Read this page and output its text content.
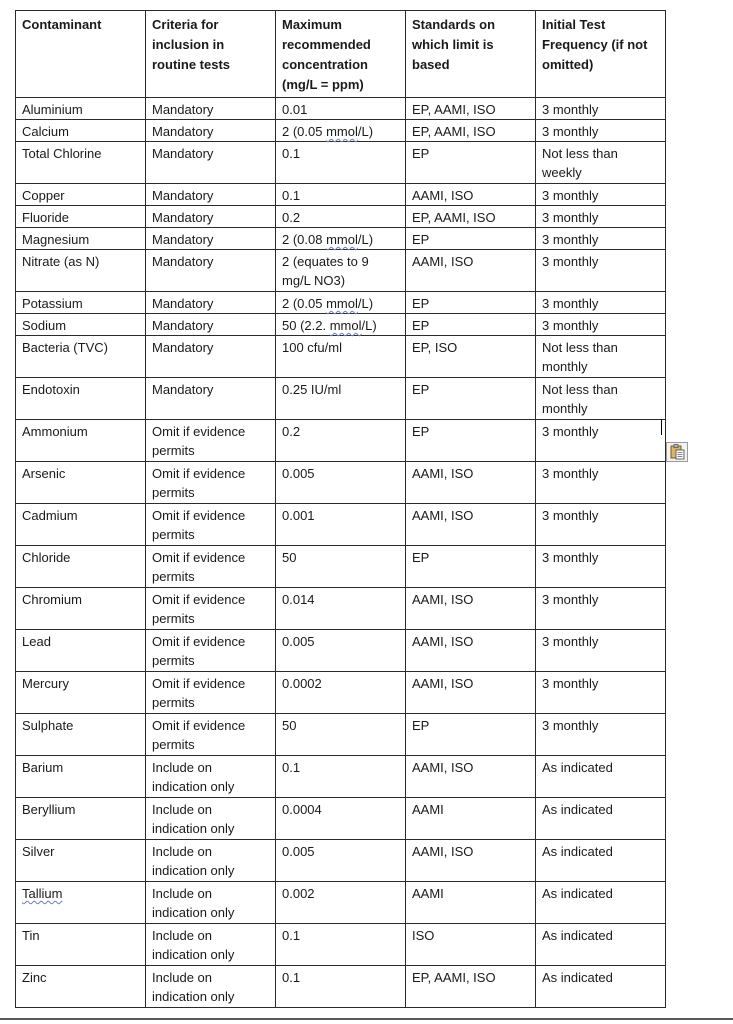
Contaminant	Criteria for inclusion in routine tests	Maximum recommended concentration (mg/L = ppm)	Standards on which limit is based	Initial Test Frequency (if not omitted)
Aluminium	Mandatory	0.01	EP, AAMI, ISO	3 monthly
Calcium	Mandatory	2 (0.05 mmol/L)	EP, AAMI, ISO	3 monthly
Total Chlorine	Mandatory	0.1	EP	Not less than weekly
Copper	Mandatory	0.1	AAMI, ISO	3 monthly
Fluoride	Mandatory	0.2	EP, AAMI, ISO	3 monthly
Magnesium	Mandatory	2 (0.08 mmol/L)	EP	3 monthly
Nitrate (as N)	Mandatory	2 (equates to 9 mg/L NO3)	AAMI, ISO	3 monthly
Potassium	Mandatory	2 (0.05 mmol/L)	EP	3 monthly
Sodium	Mandatory	50 (2.2. mmol/L)	EP	3 monthly
Bacteria (TVC)	Mandatory	100 cfu/ml	EP, ISO	Not less than monthly
Endotoxin	Mandatory	0.25 IU/ml	EP	Not less than monthly
Ammonium	Omit if evidence permits	0.2	EP	3 monthly
Arsenic	Omit if evidence permits	0.005	AAMI, ISO	3 monthly
Cadmium	Omit if evidence permits	0.001	AAMI, ISO	3 monthly
Chloride	Omit if evidence permits	50	EP	3 monthly
Chromium	Omit if evidence permits	0.014	AAMI, ISO	3 monthly
Lead	Omit if evidence permits	0.005	AAMI, ISO	3 monthly
Mercury	Omit if evidence permits	0.0002	AAMI, ISO	3 monthly
Sulphate	Omit if evidence permits	50	EP	3 monthly
Barium	Include on indication only	0.1	AAMI, ISO	As indicated
Beryllium	Include on indication only	0.0004	AAMI	As indicated
Silver	Include on indication only	0.005	AAMI, ISO	As indicated
Tallium	Include on indication only	0.002	AAMI	As indicated
Tin	Include on indication only	0.1	ISO	As indicated
Zinc	Include on indication only	0.1	EP, AAMI, ISO	As indicated
